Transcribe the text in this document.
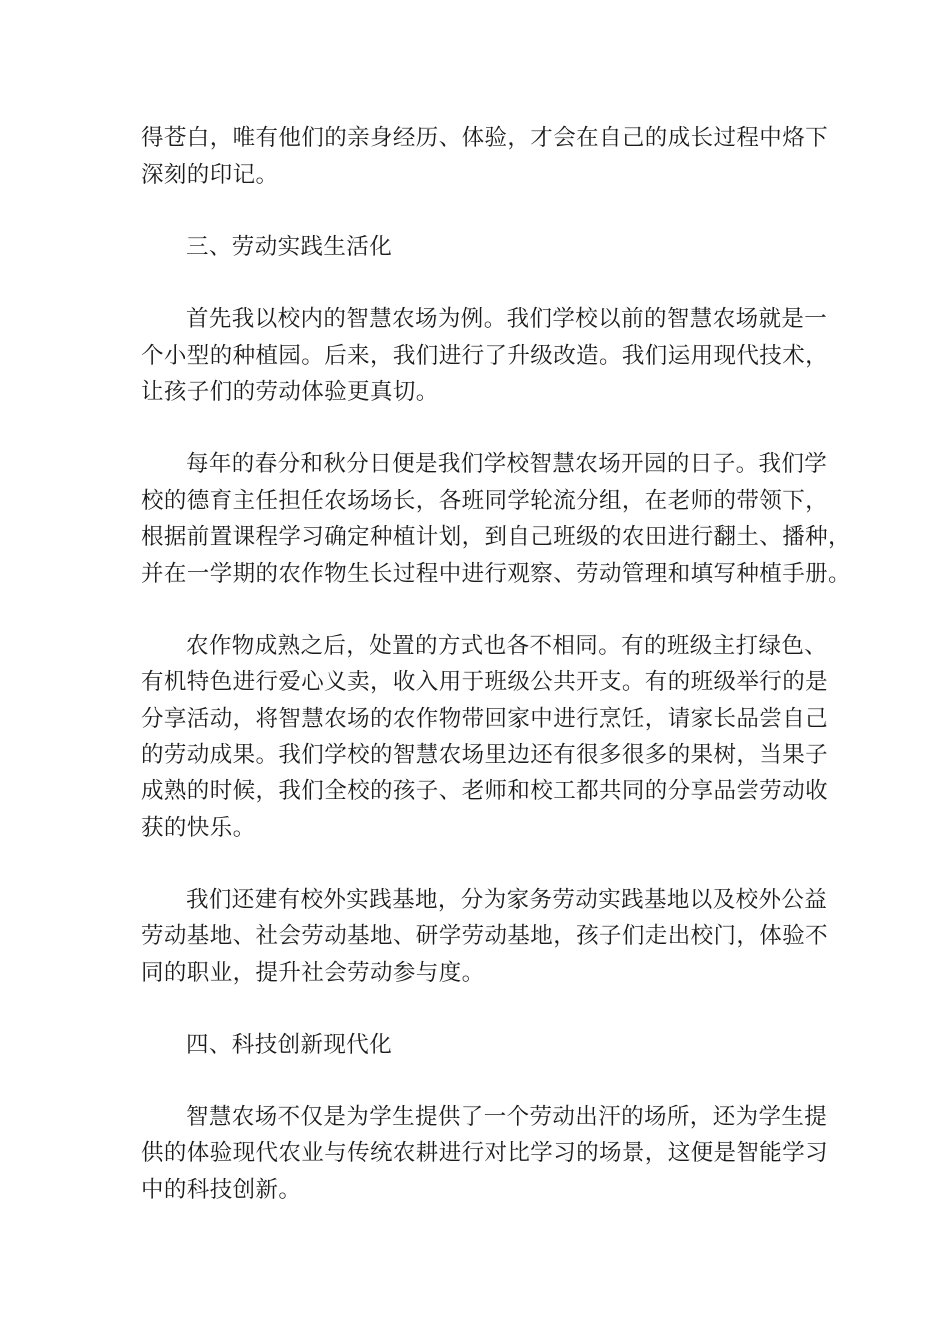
得苍白，唯有他们的亲身经历、体验，才会在自己的成长过程中烙下

深刻的印记。

三、劳动实践生活化

首先我以校内的智慧农场为例。我们学校以前的智慧农场就是一

个小型的种植园。后来，我们进行了升级改造。我们运用现代技术，

让孩子们的劳动体验更真切。

每年的春分和秋分日便是我们学校智慧农场开园的日子。我们学

校的德育主任担任农场场长，各班同学轮流分组，在老师的带领下，

根据前置课程学习确定种植计划，到自己班级的农田进行翻土、播种，

并在一学期的农作物生长过程中进行观察、劳动管理和填写种植手册。

农作物成熟之后，处置的方式也各不相同。有的班级主打绿色、

有机特色进行爱心义卖，收入用于班级公共开支。有的班级举行的是

分享活动，将智慧农场的农作物带回家中进行烹饪，请家长品尝自己

的劳动成果。我们学校的智慧农场里边还有很多很多的果树，当果子

成熟的时候，我们全校的孩子、老师和校工都共同的分享品尝劳动收

获的快乐。

我们还建有校外实践基地，分为家务劳动实践基地以及校外公益

劳动基地、社会劳动基地、研学劳动基地，孩子们走出校门，体验不

同的职业，提升社会劳动参与度。

四、科技创新现代化

智慧农场不仅是为学生提供了一个劳动出汗的场所，还为学生提

供的体验现代农业与传统农耕进行对比学习的场景，这便是智能学习

中的科技创新。
